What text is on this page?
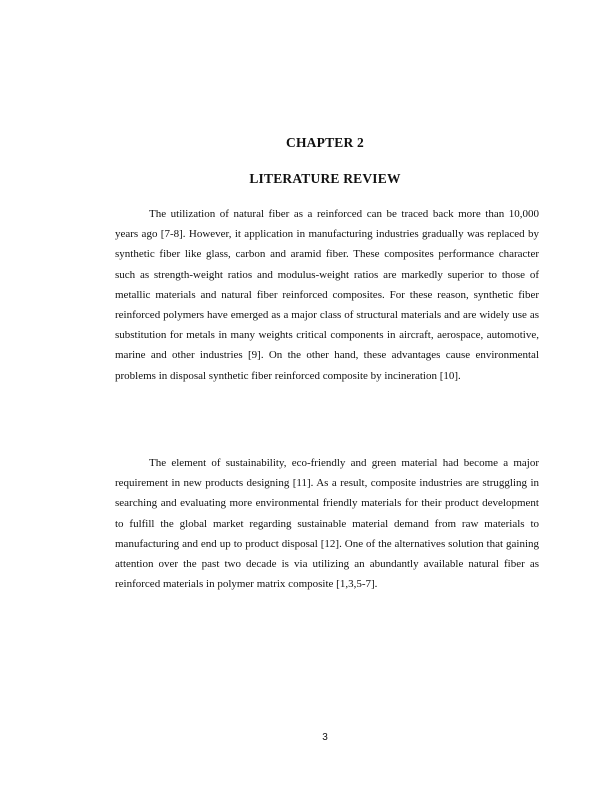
CHAPTER 2
LITERATURE REVIEW

The utilization of natural fiber as a reinforced can be traced back more than 10,000 years ago [7-8]. However, it application in manufacturing industries gradually was replaced by synthetic fiber like glass, carbon and aramid fiber. These composites performance character such as strength-weight ratios and modulus-weight ratios are markedly superior to those of metallic materials and natural fiber reinforced composites. For these reason, synthetic fiber reinforced polymers have emerged as a major class of structural materials and are widely use as substitution for metals in many weights critical components in aircraft, aerospace, automotive, marine and other industries [9]. On the other hand, these advantages cause environmental problems in disposal synthetic fiber reinforced composite by incineration [10].

The element of sustainability, eco-friendly and green material had become a major requirement in new products designing [11]. As a result, composite industries are struggling in searching and evaluating more environmental friendly materials for their product development to fulfill the global market regarding sustainable material demand from raw materials to manufacturing and end up to product disposal [12]. One of the alternatives solution that gaining attention over the past two decade is via utilizing an abundantly available natural fiber as reinforced materials in polymer matrix composite [1,3,5-7].

3
